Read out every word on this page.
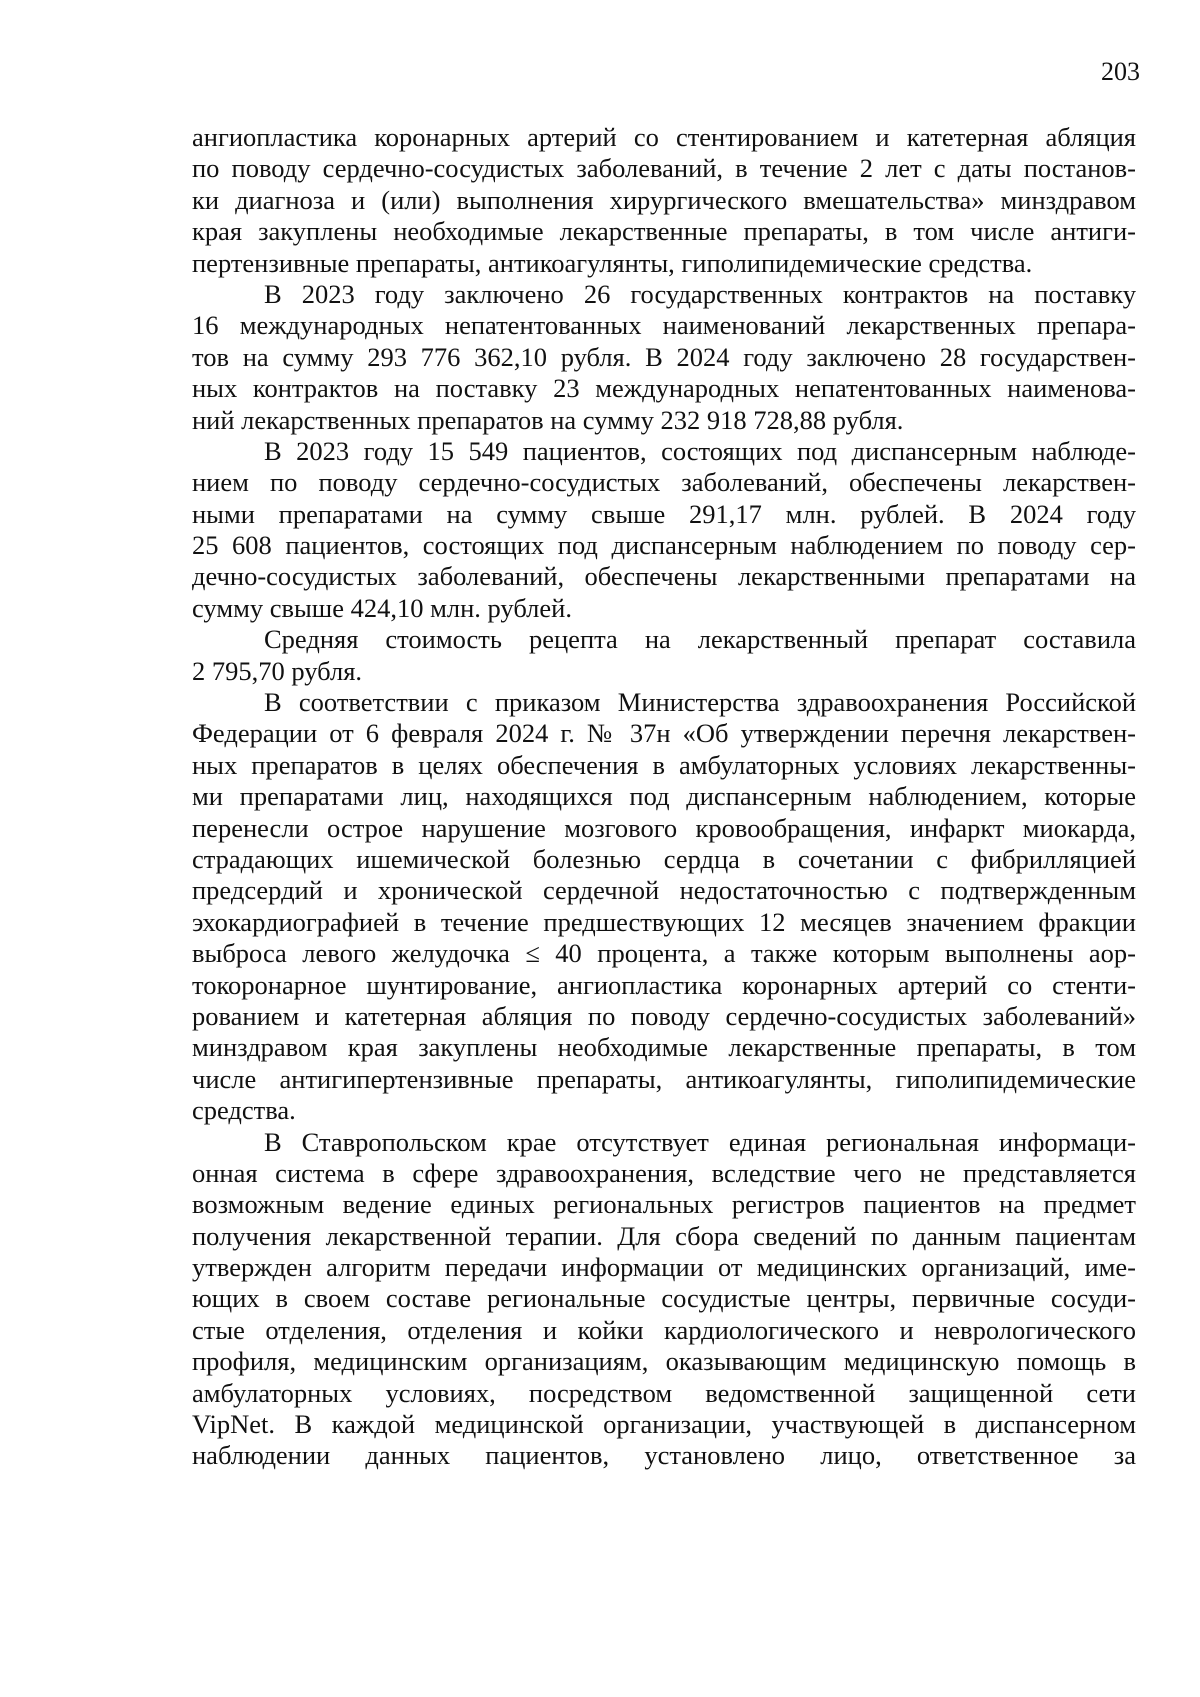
203

ангиопластика коронарных артерий со стентированием и катетерная абляция
по поводу сердечно-сосудистых заболеваний, в течение 2 лет с даты постанов-
ки диагноза и (или) выполнения хирургического вмешательства» минздравом
края закуплены необходимые лекарственные препараты, в том числе антиги-
пертензивные препараты, антикоагулянты, гиполипидемические средства.

В 2023 году заключено 26 государственных контрактов на поставку
16 международных непатентованных наименований лекарственных препара-
тов на сумму 293 776 362,10 рубля. В 2024 году заключено 28 государствен-
ных контрактов на поставку 23 международных непатентованных наименова-
ний лекарственных препаратов на сумму 232 918 728,88 рубля.

В 2023 году 15 549 пациентов, состоящих под диспансерным наблюде-
нием по поводу сердечно-сосудистых заболеваний, обеспечены лекарствен-
ными препаратами на сумму свыше 291,17 млн. рублей. В 2024 году
25 608 пациентов, состоящих под диспансерным наблюдением по поводу сер-
дечно-сосудистых заболеваний, обеспечены лекарственными препаратами на
сумму свыше 424,10 млн. рублей.

Средняя стоимость рецепта на лекарственный препарат составила
2 795,70 рубля.

В соответствии с приказом Министерства здравоохранения Российской
Федерации от 6 февраля 2024 г. № 37н «Об утверждении перечня лекарствен-
ных препаратов в целях обеспечения в амбулаторных условиях лекарственны-
ми препаратами лиц, находящихся под диспансерным наблюдением, которые
перенесли острое нарушение мозгового кровообращения, инфаркт миокарда,
страдающих ишемической болезнью сердца в сочетании с фибрилляцией
предсердий и хронической сердечной недостаточностью с подтвержденным
эхокардиографией в течение предшествующих 12 месяцев значением фракции
выброса левого желудочка ≤ 40 процента, а также которым выполнены аор-
токоронарное шунтирование, ангиопластика коронарных артерий со стенти-
рованием и катетерная абляция по поводу сердечно-сосудистых заболеваний»
минздравом края закуплены необходимые лекарственные препараты, в том
числе антигипертензивные препараты, антикоагулянты, гиполипидемические
средства.

В Ставропольском крае отсутствует единая региональная информаци-
онная система в сфере здравоохранения, вследствие чего не представляется
возможным ведение единых региональных регистров пациентов на предмет
получения лекарственной терапии. Для сбора сведений по данным пациентам
утвержден алгоритм передачи информации от медицинских организаций, име-
ющих в своем составе региональные сосудистые центры, первичные сосуди-
стые отделения, отделения и койки кардиологического и неврологического
профиля, медицинским организациям, оказывающим медицинскую помощь в
амбулаторных условиях, посредством ведомственной защищенной сети
VipNet. В каждой медицинской организации, участвующей в диспансерном
наблюдении данных пациентов, установлено лицо, ответственное за
